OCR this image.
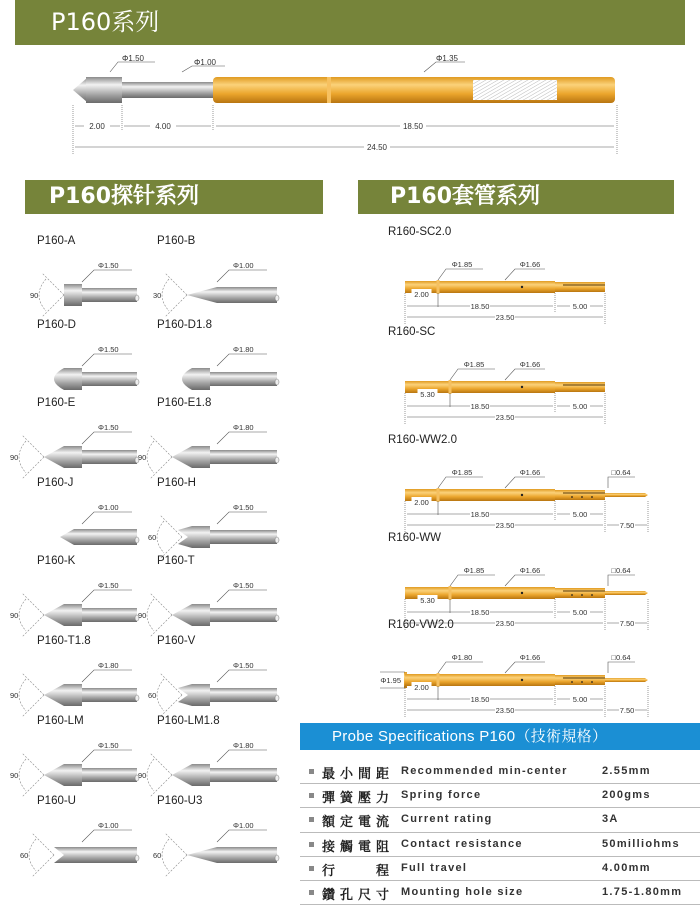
P160系列
2.00	4.00	18.50
24.50
Φ1.50	Φ1.00	Φ1.35
P160探针系列	P160套管系列
P160-A
Φ1.50
90
P160-B
Φ1.00
30
P160-D
Φ1.50
P160-D1.8
Φ1.80
P160-E
Φ1.50
90
P160-E1.8
Φ1.80
90
P160-J
Φ1.00
P160-H
Φ1.50
60
P160-K
Φ1.50
90
P160-T
Φ1.50
90
P160-T1.8
Φ1.80
90
P160-V
Φ1.50
60
P160-LM
Φ1.50
90
P160-LM1.8
Φ1.80
90
P160-U
Φ1.00
60
P160-U3
Φ1.00
60
R160-SC2.0
Φ1.85	Φ1.66
2.00
18.50	5.00
23.50
R160-SC
Φ1.85	Φ1.66
5.30
18.50	5.00
23.50
R160-WW2.0
□0.64
7.50
Φ1.85	Φ1.66
2.00
18.50	5.00
23.50
R160-WW
□0.64
7.50
Φ1.85	Φ1.66
5.30
18.50	5.00
23.50
R160-VW2.0
□0.64
7.50
Φ1.95
Φ1.80	Φ1.66
2.00
18.50	5.00
23.50
Probe Specifications P160（技術規格）
最小間距 Recommended min-center	2.55mm
彈簧壓力 Spring force	200gms
額定電流 Current rating	3A
接觸電阻 Contact resistance	50milliohms
行　　程 Full travel	4.00mm
鑽孔尺寸 Mounting hole size	1.75-1.80mm
